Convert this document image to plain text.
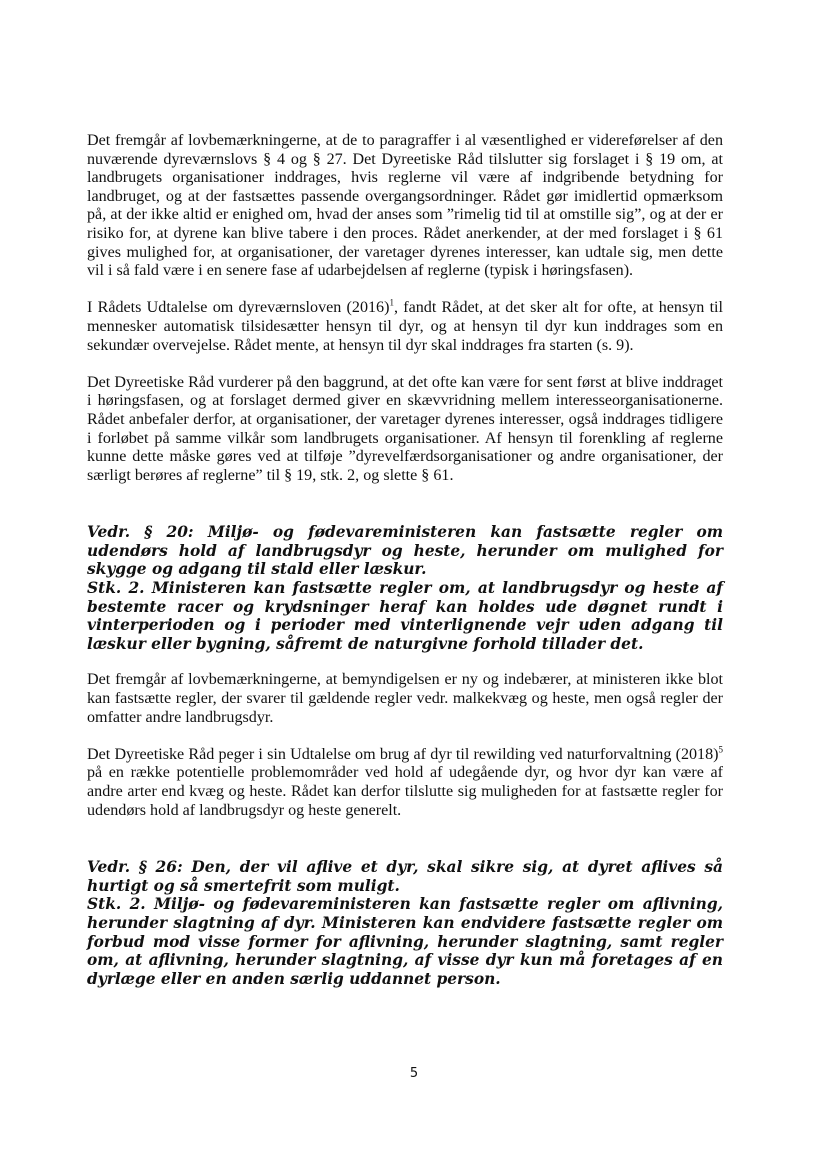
Det fremgår af lovbemærkningerne, at de to paragraffer i al væsentlighed er videreførelser af den nuværende dyreværnslovs § 4 og § 27. Det Dyreetiske Råd tilslutter sig forslaget i § 19 om, at landbrugets organisationer inddrages, hvis reglerne vil være af indgribende betydning for landbruget, og at der fastsættes passende overgangsordninger. Rådet gør imidlertid opmærksom på, at der ikke altid er enighed om, hvad der anses som ”rimelig tid til at omstille sig”, og at der er risiko for, at dyrene kan blive tabere i den proces. Rådet anerkender, at der med forslaget i § 61 gives mulighed for, at organisationer, der varetager dyrenes interesser, kan udtale sig, men dette vil i så fald være i en senere fase af udarbejdelsen af reglerne (typisk i høringsfasen).

I Rådets Udtalelse om dyreværnsloven $(2016)^1$, fandt Rådet, at det sker alt for ofte, at hensyn til mennesker automatisk tilsidesætter hensyn til dyr, og at hensyn til dyr kun inddrages som en sekundær overvejelse. Rådet mente, at hensyn til dyr skal inddrages fra starten (s. 9).

Det Dyreetiske Råd vurderer på den baggrund, at det ofte kan være for sent først at blive inddraget i høringsfasen, og at forslaget dermed giver en skævvridning mellem interesseorganisationerne. Rådet anbefaler derfor, at organisationer, der varetager dyrenes interesser, også inddrages tidligere i forløbet på samme vilkår som landbrugets organisationer. Af hensyn til forenkling af reglerne kunne dette måske gøres ved at tilføje ”dyrevelfærdsorganisationer og andre organisationer, der særligt berøres af reglerne” til § 19, stk. 2, og slette § 61.

Vedr. § 20: Miljø- og fødevareministeren kan fastsætte regler om udendørs hold af landbrugsdyr og heste, herunder om mulighed for skygge og adgang til stald eller læskur.

Stk. 2. Ministeren kan fastsætte regler om, at landbrugsdyr og heste af bestemte racer og krydsninger heraf kan holdes ude døgnet rundt i vinterperioden og i perioder med vinterlignende vejr uden adgang til læskur eller bygning, såfremt de naturgivne forhold tillader det.

Det fremgår af lovbemærkningerne, at bemyndigelsen er ny og indebærer, at ministeren ikke blot kan fastsætte regler, der svarer til gældende regler vedr. malkekvæg og heste, men også regler der omfatter andre landbrugsdyr.

Det Dyreetiske Råd peger i sin Udtalelse om brug af dyr til rewilding ved naturforvaltning $(2018)^5$ på en række potentielle problemområder ved hold af udegående dyr, og hvor dyr kan være af andre arter end kvæg og heste. Rådet kan derfor tilslutte sig muligheden for at fastsætte regler for udendørs hold af landbrugsdyr og heste generelt.

Vedr. § 26: Den, der vil aflive et dyr, skal sikre sig, at dyret aflives så hurtigt og så smertefrit som muligt.

Stk. 2. Miljø- og fødevareministeren kan fastsætte regler om aflivning, herunder slagtning af dyr. Ministeren kan endvidere fastsætte regler om forbud mod visse former for aflivning, herunder slagtning, samt regler om, at aflivning, herunder slagtning, af visse dyr kun må foretages af en dyrlæge eller en anden særlig uddannet person.

5
